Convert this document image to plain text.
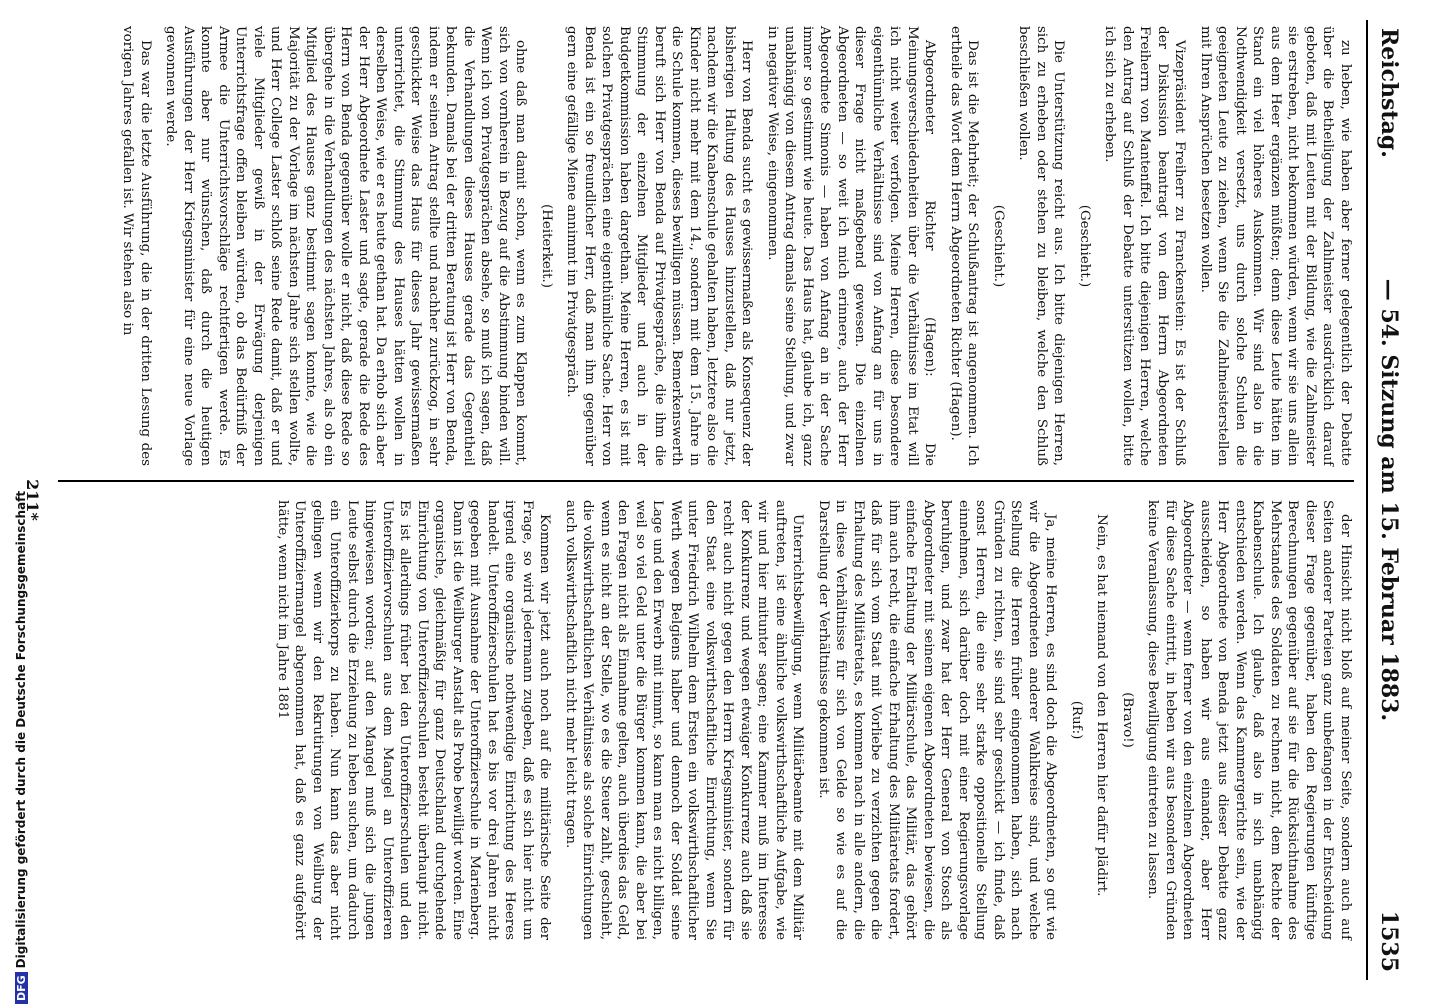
Reichstag.
— 54. Sitzung am 15. Februar 1883.
1535

zu heben, wie haben aber ferner gelegentlich der Debatte über die Betheiligung der Zahlmeister ausdrücklich darauf geboten, daß mit Leuten mit der Bildung, wie die Zahlmeister sie erstreben, nicht bekommen würden, wenn wir sie uns allein aus dem Heer ergänzen müßten; denn diese Leute hätten im Stand ein viel höheres Auskommen. Wir sind also in die Nothwendigkeit versetzt, uns durch solche Schulen die geeigneten Leute zu ziehen, wenn Sie die Zahlmeisterstellen mit Ihren Ansprüchen besetzen wollen.

Vizepräsident Freiherr zu Franckenstein: Es ist der Schluß der Diskussion beantragt von dem Herrn Abgeordneten Freiherrn von Mantenffel. Ich bitte diejenigen Herren, welche den Antrag auf Schluß der Debatte unterstützen wollen, bitte ich sich zu erheben.

(Geschieht.)

Die Unterstützung reicht aus. Ich bitte diejenigen Herren, sich zu erheben oder stehen zu bleiben, welche den Schluß beschließen wollen.

(Geschieht.)

Das ist die Mehrheit; der Schlußantrag ist angenommen. Ich ertheile das Wort dem Herrn Abgeordneten Richter (Hagen).

Abgeordneter Richter (Hagen): Die Meinungsverschiedenheiten über die Verhältnisse im Etat will ich nicht weiter verfolgen. Meine Herren, diese besondere eigenthümliche Verhältnisse sind von Anfang an für uns in dieser Frage nicht maßgebend gewesen. Die einzelnen Abgeordneten — so weit ich mich erinnere, auch der Herr Abgeordnete Simonis — haben von Anfang an in der Sache immer so gestimmt wie heute. Das Haus hat, glaube ich, ganz unabhängig von diesem Antrag damals seine Stellung, und zwar in negativer Weise, eingenommen.

Herr von Benda sucht es gewissermaßen als Konsequenz der bisherigen Haltung des Hauses hinzustellen, daß nur jetzt, nachdem wir die Knabenschule gehalten haben, letztere also die Kinder nicht mehr mit dem 14., sondern mit dem 15. Jahre in die Schule kommen, dieses bewilligen müssen. Bemerkenswerth beruft sich Herr von Benda auf Privatgespräche, die ihm die Stimmung der einzelnen Mitglieder und auch in der Budgetkommission haben dargethan. Meine Herren, es ist mit solchen Privatgesprächen eine eigenthümliche Sache. Herr von Benda ist ein so freundlicher Herr, daß man ihm gegenüber gern eine gefällige Miene annimmt im Privatgespräch.

(Heiterkeit.)

ohne daß man damit schon, wenn es zum Klappen kommt, sich von vornherein in Bezug auf die Abstimmung binden will. Wenn ich von Privatgesprächen absehe, so muß ich sagen, daß die Verhandlungen dieses Hauses gerade das Gegentheil bekunden. Damals bei der dritten Beratung ist Herr von Benda, indem er seinen Antrag stellte und nachher zurückzog, in sehr geschickter Weise das Haus für dieses Jahr gewissermaßen unterrichtet, die Stimmung des Hauses hätten wollen in derselben Weise, wie er es heute gethan hat. Da erhob sich aber der Herr Abgeordnete Laster und sagte, gerade die Rede des Herrn von Benda gegenüber wolle er nicht, daß diese Rede so übergehe in die Verhandlungen des nächsten Jahres, als ob ein Mitglied des Hauses ganz bestimmt sagen konnte, wie die Majorität zu der Vorlage im nächsten Jahre sich stellen wollte, und Herr College Laster schloß seine Rede damit, daß er und viele Mitglieder gewiß in der Erwägung derjenigen Unterrichtsfrage offen bleiben würden, ob das Bedürfniß der Armee die Unterrichtsvorschläge rechtfertigen werde. Es konnte aber nur wünschen, daß durch die heutigen Ausführungen der Herr Kriegsminister für eine neue Vorlage gewonnen werde.

Das war die letzte Ausführung, die in der dritten Lesung des vorigen Jahres gefallen ist. Wir stehen also in

der Hinsicht nicht bloß auf meiner Seite, sondern auch auf Seiten anderer Parteien ganz unbefangen in der Entscheidung dieser Frage gegenüber, haben den Regierungen künftige Berechnungen gegenüber auf sie für die Rücksichtnahme des Mehrstandes des Soldaten zu rechnen nicht, dem Rechte der Knabenschule. Ich glaube, daß also in sich unabhängig entschieden werden. Wenn das Kammergerichte sein, wie der Herr Abgeordnete von Benda jetzt aus dieser Debatte ganz ausscheiden, so haben wir aus einander, aber Herr Abgeordneter — wenn ferner von den einzelnen Abgeordneten für diese Sache eintritt, in heben wir aus besonderen Gründen keine Veranlassung, diese Bewilligung eintreten zu lassen.

(Bravo!)

Nein, es hat niemand von den Herren hier dafür plädirt.

(Ruf:)

Ja, meine Herren, es sind doch die Abgeordneten, so gut wie wir die Abgeordneten anderer Wahlkreise sind, und welche Stellung die Herren früher eingenommen haben, sich nach Gründen zu richten, sie sind sehr geschickt — ich finde, daß sonst Herren, die eine sehr starke oppositionelle Stellung einnehmen, sich darüber doch mit einer Regierungsvorlage beruhigen, und zwar hat der Herr General von Stosch als Abgeordneter mit seinem eigenen Abgeordneten bewiesen, die einfache Erhaltung der Militärschule, das Militär, das gehört ihm auch recht, die einfache Erhaltung des Militäretats fordert, daß für sich vom Staat mit Vorliebe zu verzichten gegen die Erhaltung des Militäretats, es kommen nach in alle andern, die in diese Verhältnisse für sich von Gelde so wie es auf die Darstellung der Verhältnisse gekommen ist.

Unterrichtsbewilligung, wenn Militärbeamte mit dem Militär auftreten, ist eine ähnliche volkswirthschaftliche Aufgabe, wie wir und hier mitunter sagen; eine Kammer muß im Interesse der Konkurrenz und wegen etwaiger Konkurrenz auch daß sie recht auch nicht gegen den Herrn Kriegsminister, sondern für den Staat eine volkswirthschaftliche Einrichtung, wenn Sie unter Friedrich Wilhelm dem Ersten ein volkswirthschaftlicher Werth wegen Belgiens halber und dennoch der Soldat seine Lage und den Erwerb mit nimmt, so kann man es nicht billigen, weil so viel Geld unter die Bürger kommen kann, die aber bei den Fragen nicht als Einnahme gelten, auch überdies das Geld, wenn es nicht an der Stelle, wo es die Steuer zahlt, geschieht, die volkswirthschaftlichen Verhältnisse als solche Einrichtungen auch volkswirthschaftlich nicht mehr leicht tragen.

Kommen wir jetzt auch noch auf die militärische Seite der Frage, so wird jedermann zugeben, daß es sich hier nicht um irgend eine organische nothwendige Einrichtung des Heeres handelt. Unteroffizierschulen hat es bis vor drei Jahren nicht gegeben mit Ausnahme der Unteroffizierschule in Marienberg. Dann ist die Weilburger Anstalt als Probe bewilligt worden. Eine organische, gleichmäßig für ganz Deutschland durchgehende Einrichtung von Unteroffizierschulen besteht überhaupt nicht. Es ist allerdings früher bei den Unteroffizierschulen und den Unteroffiziervorschulen aus dem Mangel an Unteroffizieren hingewiesen worden; auf den Mangel muß sich die jungen Leute selbst durch die Erziehung zu heben suchen, um dadurch ein Unteroffizierkorps zu haben. Nun kann das aber nicht gelingen wenn wir den Rekrutirungen von Weilburg der Unteroffiziermangel abgenommen hat, daß es ganz aufgehört hätte, wenn nicht im Jahre 1881

211*
DFGDigitalisierung gefördert durch die Deutsche Forschungsgemeinschaft
